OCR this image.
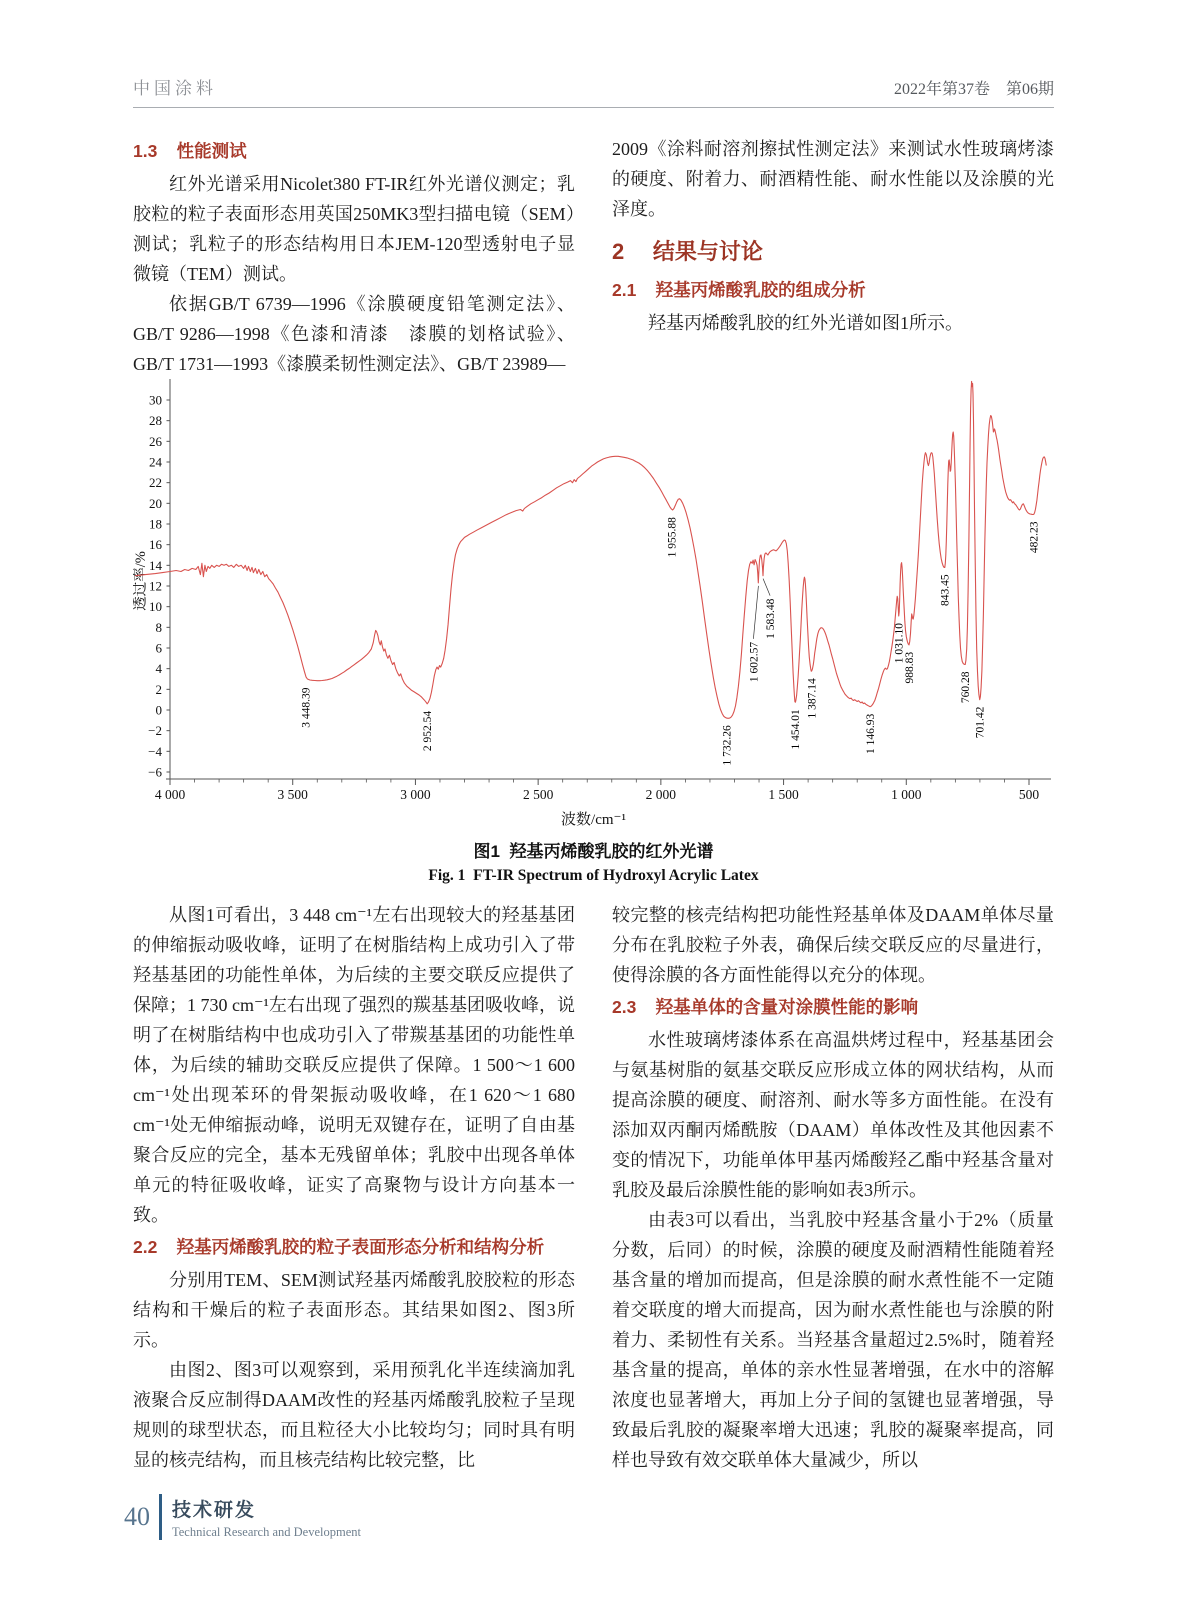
中国涂料	2022年第37卷　第06期
1.3 性能测试

红外光谱采用Nicolet380 FT-IR红外光谱仪测定；乳胶粒的粒子表面形态用英国250MK3型扫描电镜（SEM）测试；乳粒子的形态结构用日本JEM-120型透射电子显微镜（TEM）测试。

依据GB/T 6739—1996《涂膜硬度铅笔测定法》、GB/T 9286—1998《色漆和清漆　漆膜的划格试验》、GB/T 1731—1993《漆膜柔韧性测定法》、GB/T 23989—

2009《涂料耐溶剂擦拭性测定法》来测试水性玻璃烤漆的硬度、附着力、耐酒精性能、耐水性能以及涂膜的光泽度。

2 结果与讨论
2.1 羟基丙烯酸乳胶的组成分析

羟基丙烯酸乳胶的红外光谱如图1所示。

−6
−4
−2
0
2
4
6
8
10
12
14
16
18
20
22
24
26
28
30
4 000	3 500	3 000	2 500	2 000	1 500	1 000	500
透过率/%
3 448.39
2 952.54
1 955.88
1 732.26
1 602.57
1 583.48
1 454.01
1 387.14
1 146.93
1 031.10
988.83
843.45
760.28
701.42
482.23
波数/cm⁻¹
图1  羟基丙烯酸乳胶的红外光谱
Fig. 1  FT-IR Spectrum of Hydroxyl Acrylic Latex

从图1可看出，3 448 cm⁻¹左右出现较大的羟基基团的伸缩振动吸收峰，证明了在树脂结构上成功引入了带羟基基团的功能性单体，为后续的主要交联反应提供了保障；1 730 cm⁻¹左右出现了强烈的羰基基团吸收峰，说明了在树脂结构中也成功引入了带羰基基团的功能性单体，为后续的辅助交联反应提供了保障。1 500～1 600 cm⁻¹处出现苯环的骨架振动吸收峰，在1 620～1 680 cm⁻¹处无伸缩振动峰，说明无双键存在，证明了自由基聚合反应的完全，基本无残留单体；乳胶中出现各单体单元的特征吸收峰，证实了高聚物与设计方向基本一致。

2.2 羟基丙烯酸乳胶的粒子表面形态分析和结构分析

分别用TEM、SEM测试羟基丙烯酸乳胶胶粒的形态结构和干燥后的粒子表面形态。其结果如图2、图3所示。

由图2、图3可以观察到，采用预乳化半连续滴加乳液聚合反应制得DAAM改性的羟基丙烯酸乳胶粒子呈现规则的球型状态，而且粒径大小比较均匀；同时具有明显的核壳结构，而且核壳结构比较完整，比

较完整的核壳结构把功能性羟基单体及DAAM单体尽量分布在乳胶粒子外表，确保后续交联反应的尽量进行，使得涂膜的各方面性能得以充分的体现。

2.3 羟基单体的含量对涂膜性能的影响

水性玻璃烤漆体系在高温烘烤过程中，羟基基团会与氨基树脂的氨基交联反应形成立体的网状结构，从而提高涂膜的硬度、耐溶剂、耐水等多方面性能。在没有添加双丙酮丙烯酰胺（DAAM）单体改性及其他因素不变的情况下，功能单体甲基丙烯酸羟乙酯中羟基含量对乳胶及最后涂膜性能的影响如表3所示。

由表3可以看出，当乳胶中羟基含量小于2%（质量分数，后同）的时候，涂膜的硬度及耐酒精性能随着羟基含量的增加而提高，但是涂膜的耐水煮性能不一定随着交联度的增大而提高，因为耐水煮性能也与涂膜的附着力、柔韧性有关系。当羟基含量超过2.5%时，随着羟基含量的提高，单体的亲水性显著增强，在水中的溶解浓度也显著增大，再加上分子间的氢键也显著增强，导致最后乳胶的凝聚率增大迅速；乳胶的凝聚率提高，同样也导致有效交联单体大量减少，所以

40 技术研发
Technical Research and Development
